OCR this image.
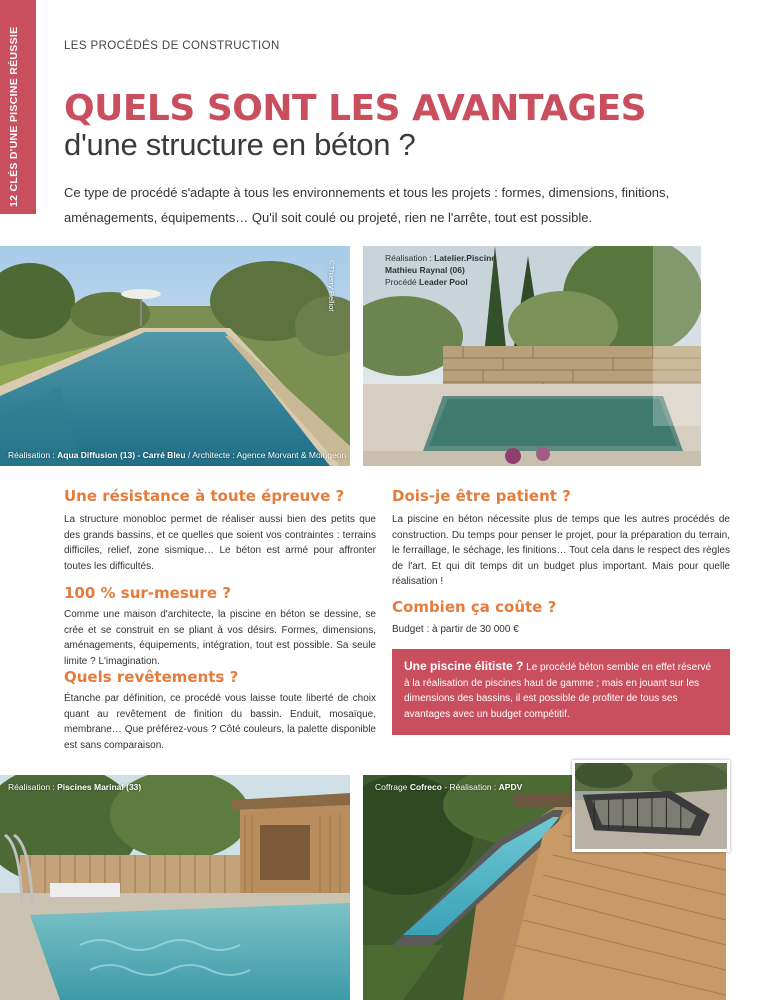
12 CLÉS D'UNE PISCINE RÉUSSIE	LES PROCÉDÉS DE CONSTRUCTION
QUELS SONT LES AVANTAGES
d'une structure en béton ?

Ce type de procédé s'adapte à tous les environnements et tous les projets : formes, dimensions, finitions, aménagements, équipements… Qu'il soit coulé ou projeté, rien ne l'arrête, tout est possible.

Réalisation : Aqua Diffusion (13) - Carré Bleu / Architecte : Agence Morvant & Moingeon
©Thierry Pelliot
Réalisation : Latelier.Piscine
Mathieu Raynal (06)
Procédé Leader Pool
Une résistance à toute épreuve ?

La structure monobloc permet de réaliser aussi bien des petits que des grands bassins, et ce quelles que soient vos contraintes : terrains difficiles, relief, zone sismique… Le béton est armé pour affronter toutes les difficultés.

100 % sur-mesure ?

Comme une maison d'architecte, la piscine en béton se dessine, se crée et se construit en se pliant à vos désirs. Formes, dimensions, aménagements, équipements, intégration, tout est possible. Sa seule limite ? L'imagination.

Quels revêtements ?

Étanche par définition, ce procédé vous laisse toute liberté de choix quant au revêtement de finition du bassin. Enduit, mosaïque, membrane… Que préférez-vous ? Côté couleurs, la palette disponible est sans comparaison.

Dois-je être patient ?

La piscine en béton nécessite plus de temps que les autres procédés de construction. Du temps pour penser le projet, pour la préparation du terrain, le ferraillage, le séchage, les finitions… Tout cela dans le respect des règles de l'art. Et qui dit temps dit un budget plus important. Mais pour quelle réalisation !

Combien ça coûte ?

Budget : à partir de 30 000 €

Une piscine élitiste ? Le procédé béton semble en effet réservé à la réalisation de piscines haut de gamme ; mais en jouant sur les dimensions des bassins, il est possible de profiter de tous ses avantages avec un budget compétitif.
Réalisation : Piscines Marinal (33)	Coffrage Cofreco - Réalisation : APDV
